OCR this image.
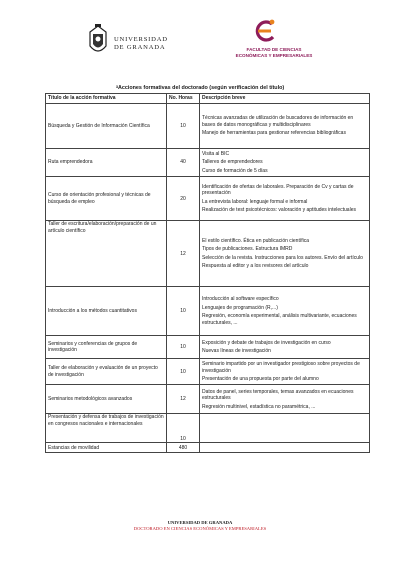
UNIVERSIDAD
DE GRANADA	FACULTAD DE CIENCIAS
ECONÓMICAS Y EMPRESARIALES
$^3$Acciones formativas del doctorado (según verificación del título)
Título de la acción formativa	No. Horas	Descripción breve
Búsqueda y Gestión de Información Científica	10	Técnicas avanzadas de utilización de buscadores de información en bases de datos monográficas y multidisciplinares

Manejo de herramientas para gestionar referencias bibliográficas

Ruta emprendedora	40	Visita al BIC

Talleres de emprendedores

Curso de formación de 5 días

Curso de orientación profesional y técnicas de búsqueda de empleo	20	Identificación de ofertas de laborales. Preparación de Cv y cartas de presentación

La entrevista laboral: lenguaje formal e informal

Realización de test psicotécnicos: valoración y aptitudes intelectuales

Taller de escritura/elaboración/preparación de un artículo científico	12	El estilo científico. Ética en publicación científica

Tipos de publicaciones. Estructura IMRD

Selección de la revista. Instrucciones para los autores. Envío del artículo

Respuesta al editor y a los revisores del artículo

Introducción a los métodos cuantitativos	10	Introducción al software específico

Lenguajes de programación (R,...)

Regresión, economía experimental, análisis multivariante, ecuaciones estructurales, ...

Seminarios y conferencias de grupos de investigación	10	Exposición y debate de trabajos de investigación en curso

Nuevas líneas de investigación

Taller de elaboración y evaluación de un proyecto de investigación	10	Seminario impartido por un investigador prestigioso sobre proyectos de investigación

Presentación de una propuesta por parte del alumno

Seminarios metodológicos avanzados	12	Datos de panel, series temporales, temas avanzados en ecuaciones estructurales

Regresión multinivel, estadística no paramétrica, ...

Presentación y defensa de trabajos de investigación en congresos nacionales e internacionales	10	
Estancias de movilidad	480	
UNIVERSIDAD DE GRANADA
DOCTORADO EN CIENCIAS ECONÓMICAS Y EMPRESARIALES
